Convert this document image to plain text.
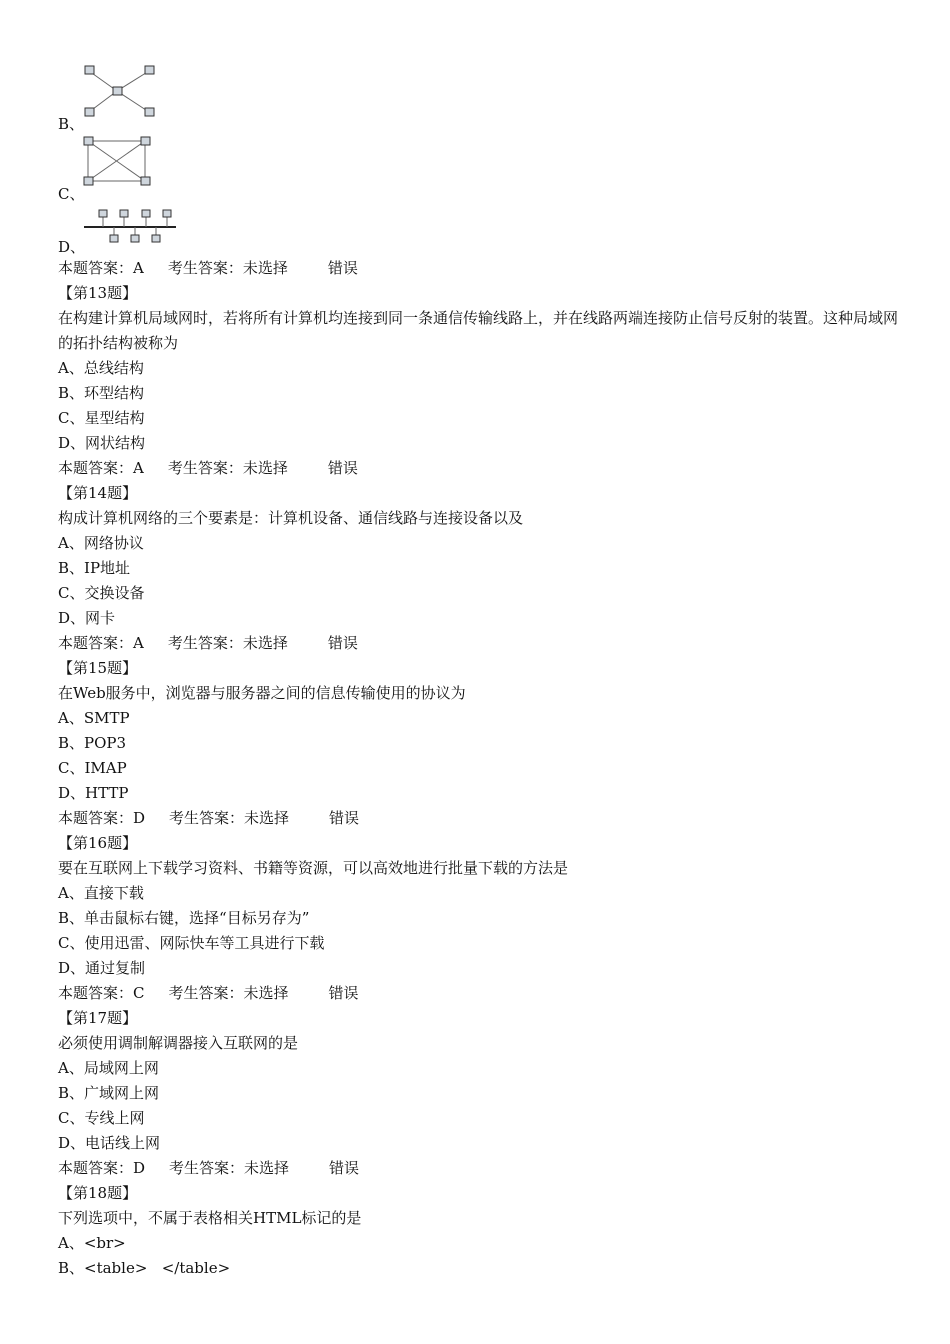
B、
C、
D、
本题答案：A 考生答案：未选择	错误
【第13题】
在构建计算机局域网时，若将所有计算机均连接到同一条通信传输线路上，并在线路两端连接防止信号反射的装置。这种局域网的拓扑结构被称为
A、总线结构
B、环型结构
C、星型结构
D、网状结构
本题答案：A 考生答案：未选择	错误
【第14题】
构成计算机网络的三个要素是：计算机设备、通信线路与连接设备以及
A、网络协议
B、IP地址
C、交换设备
D、网卡
本题答案：A 考生答案：未选择	错误
【第15题】
在Web服务中，浏览器与服务器之间的信息传输使用的协议为
A、SMTP
B、POP3
C、IMAP
D、HTTP
本题答案：D 考生答案：未选择	错误
【第16题】
要在互联网上下载学习资料、书籍等资源，可以高效地进行批量下载的方法是
A、直接下载
B、单击鼠标右键，选择“目标另存为”
C、使用迅雷、网际快车等工具进行下载
D、通过复制
本题答案：C 考生答案：未选择	错误
【第17题】
必须使用调制解调器接入互联网的是
A、局域网上网
B、广域网上网
C、专线上网
D、电话线上网
本题答案：D 考生答案：未选择	错误
【第18题】
下列选项中，不属于表格相关HTML标记的是
A、<br>
B、<table>   </table>
